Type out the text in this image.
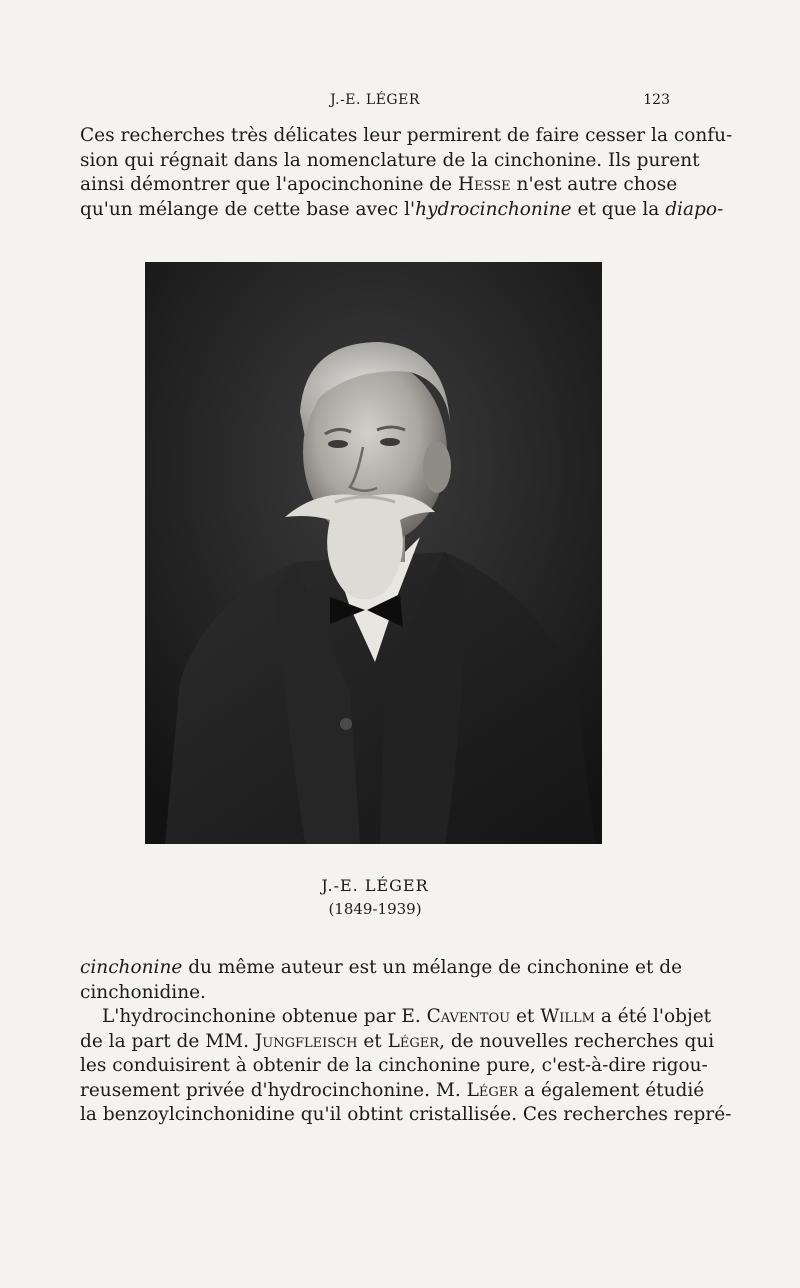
J.-E. LÉGER	123
Ces recherches très délicates leur permirent de faire cesser la confu-
sion qui régnait dans la nomenclature de la cinchonine. Ils purent
ainsi démontrer que l'apocinchonine de Hesse n'est autre chose
qu'un mélange de cette base avec l'hydrocinchonine et que la diapo-
J.-E. LÉGER
(1849-1939)
cinchonine du même auteur est un mélange de cinchonine et de
cinchonidine.
L'hydrocinchonine obtenue par E. Caventou et Willm a été l'objet
de la part de MM. Jungfleisch et Léger, de nouvelles recherches qui
les conduisirent à obtenir de la cinchonine pure, c'est-à-dire rigou-
reusement privée d'hydrocinchonine. M. Léger a également étudié
la benzoylcinchonidine qu'il obtint cristallisée. Ces recherches repré-
